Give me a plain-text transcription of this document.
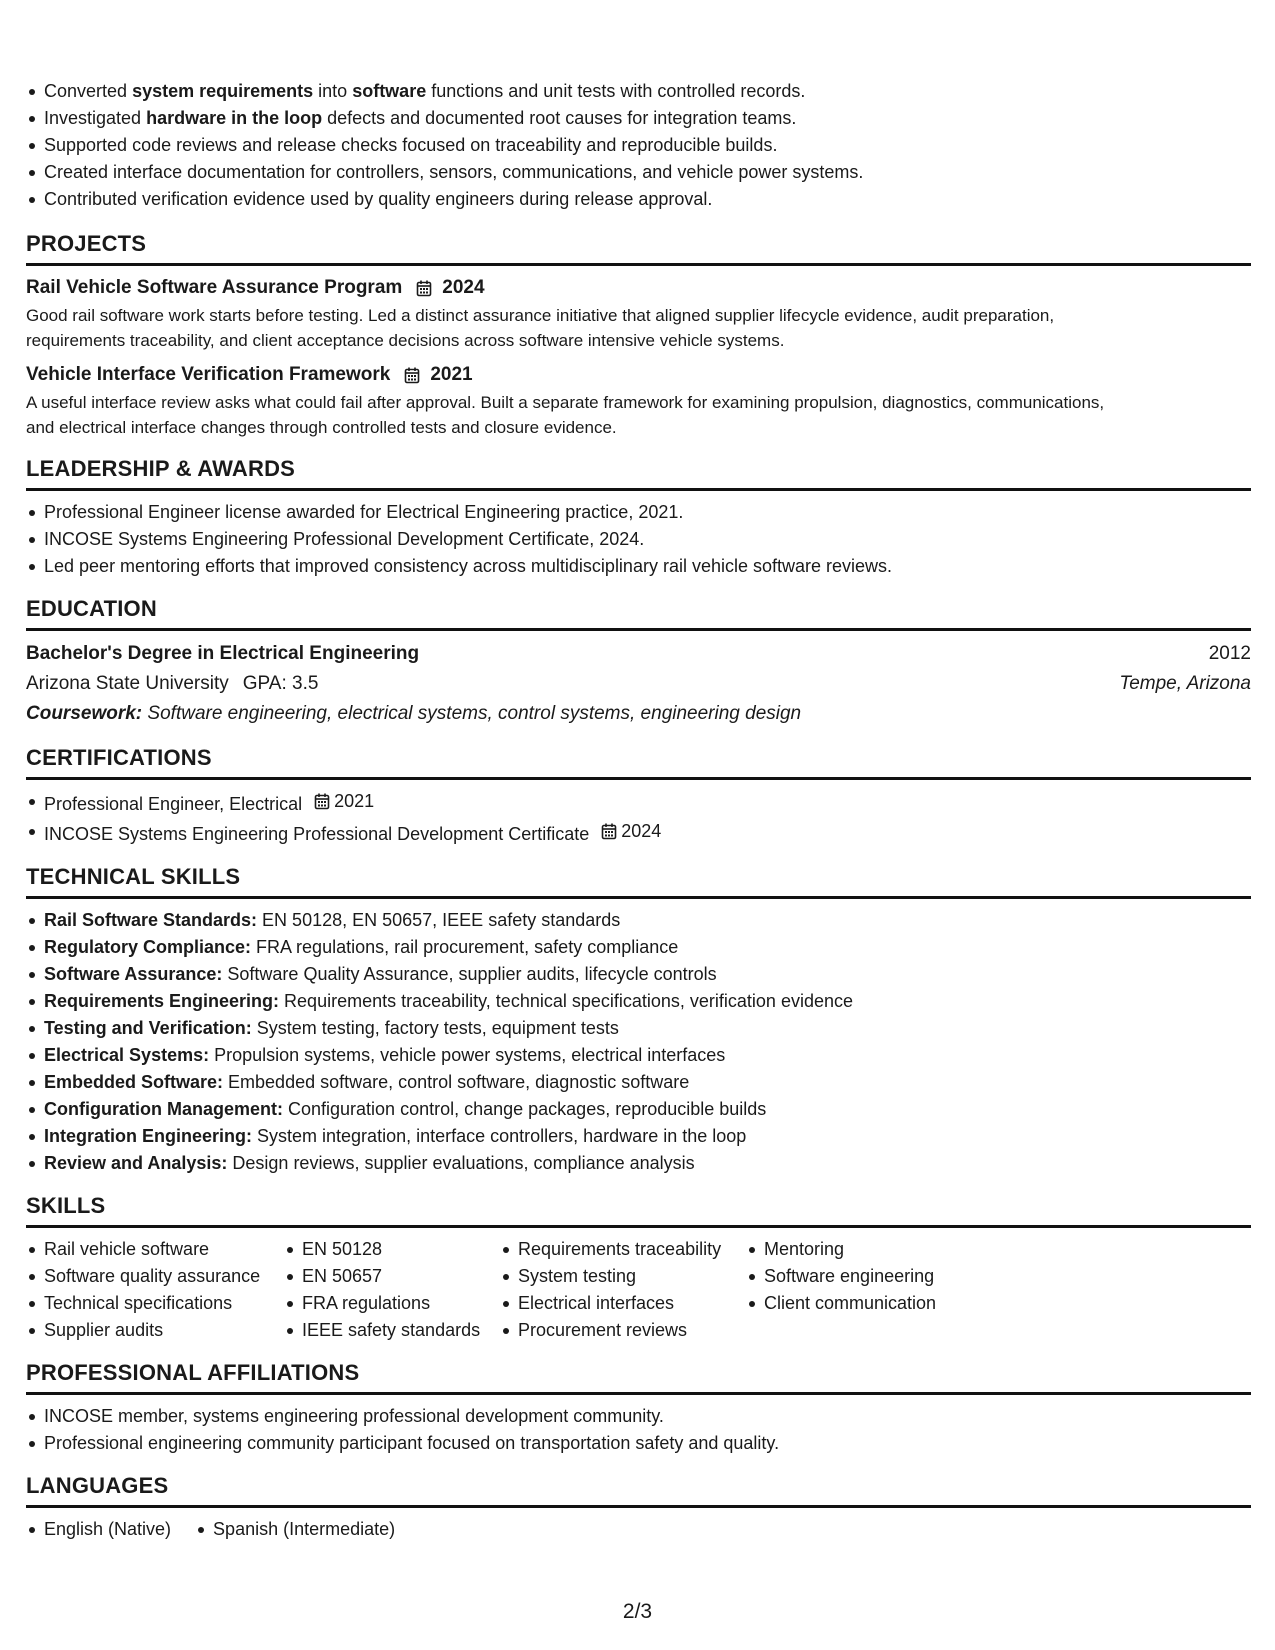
Converted system requirements into software functions and unit tests with controlled records.
Investigated hardware in the loop defects and documented root causes for integration teams.
Supported code reviews and release checks focused on traceability and reproducible builds.
Created interface documentation for controllers, sensors, communications, and vehicle power systems.
Contributed verification evidence used by quality engineers during release approval.
PROJECTS
Rail Vehicle Software Assurance Program 2024
Good rail software work starts before testing. Led a distinct assurance initiative that aligned supplier lifecycle evidence, audit preparation,
requirements traceability, and client acceptance decisions across software intensive vehicle systems.
Vehicle Interface Verification Framework 2021
A useful interface review asks what could fail after approval. Built a separate framework for examining propulsion, diagnostics, communications,
and electrical interface changes through controlled tests and closure evidence.
LEADERSHIP & AWARDS
Professional Engineer license awarded for Electrical Engineering practice, 2021.
INCOSE Systems Engineering Professional Development Certificate, 2024.
Led peer mentoring efforts that improved consistency across multidisciplinary rail vehicle software reviews.
EDUCATION
Bachelor's Degree in Electrical Engineering	2012
Arizona State University GPA: 3.5	Tempe, Arizona
Coursework: Software engineering, electrical systems, control systems, engineering design
CERTIFICATIONS
Professional Engineer, Electrical 2021
INCOSE Systems Engineering Professional Development Certificate 2024
TECHNICAL SKILLS
Rail Software Standards: EN 50128, EN 50657, IEEE safety standards
Regulatory Compliance: FRA regulations, rail procurement, safety compliance
Software Assurance: Software Quality Assurance, supplier audits, lifecycle controls
Requirements Engineering: Requirements traceability, technical specifications, verification evidence
Testing and Verification: System testing, factory tests, equipment tests
Electrical Systems: Propulsion systems, vehicle power systems, electrical interfaces
Embedded Software: Embedded software, control software, diagnostic software
Configuration Management: Configuration control, change packages, reproducible builds
Integration Engineering: System integration, interface controllers, hardware in the loop
Review and Analysis: Design reviews, supplier evaluations, compliance analysis
SKILLS
Rail vehicle software
Software quality assurance
Technical specifications
Supplier audits
EN 50128
EN 50657
FRA regulations
IEEE safety standards
Requirements traceability
System testing
Electrical interfaces
Procurement reviews
Mentoring
Software engineering
Client communication
PROFESSIONAL AFFILIATIONS
INCOSE member, systems engineering professional development community.
Professional engineering community participant focused on transportation safety and quality.
LANGUAGES
English (Native) Spanish (Intermediate)
2/3
